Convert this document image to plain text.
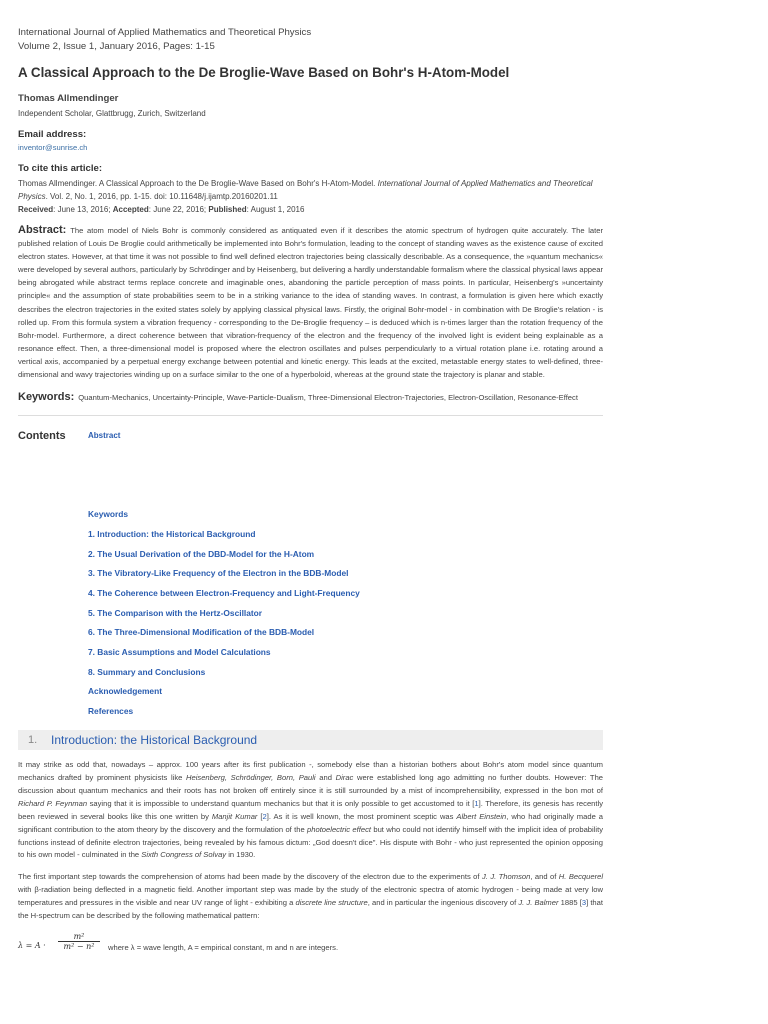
International Journal of Applied Mathematics and Theoretical Physics
Volume 2, Issue 1, January 2016, Pages: 1-15
A Classical Approach to the De Broglie-Wave Based on Bohr's H-Atom-Model
Thomas Allmendinger
Independent Scholar, Glattbrugg, Zurich, Switzerland
Email address:
inventor@sunrise.ch
To cite this article:
Thomas Allmendinger. A Classical Approach to the De Broglie-Wave Based on Bohr's H-Atom-Model. International Journal of Applied Mathematics and Theoretical Physics. Vol. 2, No. 1, 2016, pp. 1-15. doi: 10.11648/j.ijamtp.20160201.11
Received: June 13, 2016; Accepted: June 22, 2016; Published: August 1, 2016
Abstract: The atom model of Niels Bohr is commonly considered as antiquated even if it describes the atomic spectrum of hydrogen quite accurately. The later published relation of Louis De Broglie could arithmetically be implemented into Bohr's formulation, leading to the concept of standing waves as the existence cause of excited electron states. However, at that time it was not possible to find well defined electron trajectories being classically describable. As a consequence, the »quantum mechanics« were developed by several authors, particularly by Schrödinger and by Heisenberg, but delivering a hardly understandable formalism where the classical physical laws appear being abrogated while abstract terms replace concrete and imaginable ones, abandoning the particle perception of mass points. In particular, Heisenberg's »uncertainty principle« and the assumption of state probabilities seem to be in a striking variance to the idea of standing waves. In contrast, a formulation is given here which exactly describes the electron trajectories in the exited states solely by applying classical physical laws. Firstly, the original Bohr-model - in combination with De Broglie's relation - is rolled up. From this formula system a vibration frequency - corresponding to the De-Broglie frequency – is deduced which is n-times larger than the rotation frequency of the Bohr-model. Furthermore, a direct coherence between that vibration-frequency of the electron and the frequency of the involved light is evident being explainable as a resonance effect. Then, a three-dimensional model is proposed where the electron oscillates and pulses perpendicularly to a virtual rotation plane i.e. rotating around a vertical axis, accompanied by a perpetual energy exchange between potential and kinetic energy. This leads at the excited, metastable energy states to well-defined, three-dimensional and wavy trajectories winding up on a surface similar to the one of a hyperboloid, whereas at the ground state the trajectory is planar and stable.
Keywords: Quantum-Mechanics, Uncertainty-Principle, Wave-Particle-Dualism, Three-Dimensional Electron-Trajectories, Electron-Oscillation, Resonance-Effect
Contents	Abstract
Keywords
1. Introduction: the Historical Background
2. The Usual Derivation of the DBD-Model for the H-Atom
3. The Vibratory-Like Frequency of the Electron in the BDB-Model
4. The Coherence between Electron-Frequency and Light-Frequency
5. The Comparison with the Hertz-Oscillator
6. The Three-Dimensional Modification of the BDB-Model
7. Basic Assumptions and Model Calculations
8. Summary and Conclusions
Acknowledgement
References
1. Introduction: the Historical Background
It may strike as odd that, nowadays – approx. 100 years after its first publication -, somebody else than a historian bothers about Bohr's atom model since quantum mechanics drafted by prominent physicists like Heisenberg, Schrödinger, Born, Pauli and Dirac were established long ago admitting no further doubts. However: The discussion about quantum mechanics and their roots has not broken off entirely since it is still surrounded by a mist of incomprehensibility, expressed in the bon mot of Richard P. Feynman saying that it is impossible to understand quantum mechanics but that it is only possible to get accustomed to it [1]. Therefore, its genesis has recently been reviewed in several books like this one written by Manjit Kumar [2]. As it is well known, the most prominent sceptic was Albert Einstein, who had originally made a significant contribution to the atom theory by the discovery and the formulation of the photoelectric effect but who could not identify himself with the implicit idea of probability functions instead of definite electron trajectories, being revealed by his famous dictum: „God doesn't dice". His dispute with Bohr - who just represented the opinion opposing to his own model - culminated in the Sixth Congress of Solvay in 1930.
The first important step towards the comprehension of atoms had been made by the discovery of the electron due to the experiments of J. J. Thomson, and of H. Becquerel with β-radiation being deflected in a magnetic field. Another important step was made by the study of the electronic spectra of atomic hydrogen - being made at very low temperatures and pressures in the visible and near UV range of light - exhibiting a discrete line structure, and in particular the ingenious discovery of J. J. Balmer 1885 [3] that the H-spectrum can be described by the following mathematical pattern:
$\lambda = A \cdot \frac{\text{m²}}{\text{m² − n²}}$ where λ = wave length, A = empirical constant, m and n are integers.
